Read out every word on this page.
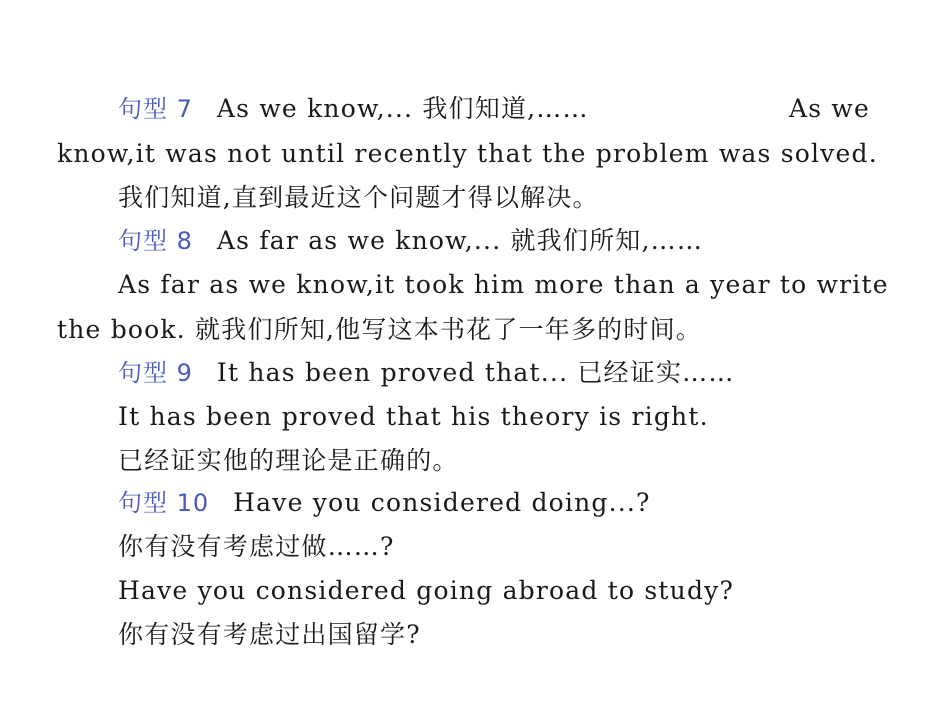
句型 7 As we know,... 我们知道,……	As we
know,it was not until recently that the problem was solved.
我们知道,直到最近这个问题才得以解决。
句型 8 As far as we know,... 就我们所知,……
As far as we know,it took him more than a year to write
the book. 就我们所知,他写这本书花了一年多的时间。
句型 9 It has been proved that... 已经证实……
It has been proved that his theory is right.
已经证实他的理论是正确的。
句型 10 Have you considered doing...?
你有没有考虑过做……?
Have you considered going abroad to study?
你有没有考虑过出国留学?
